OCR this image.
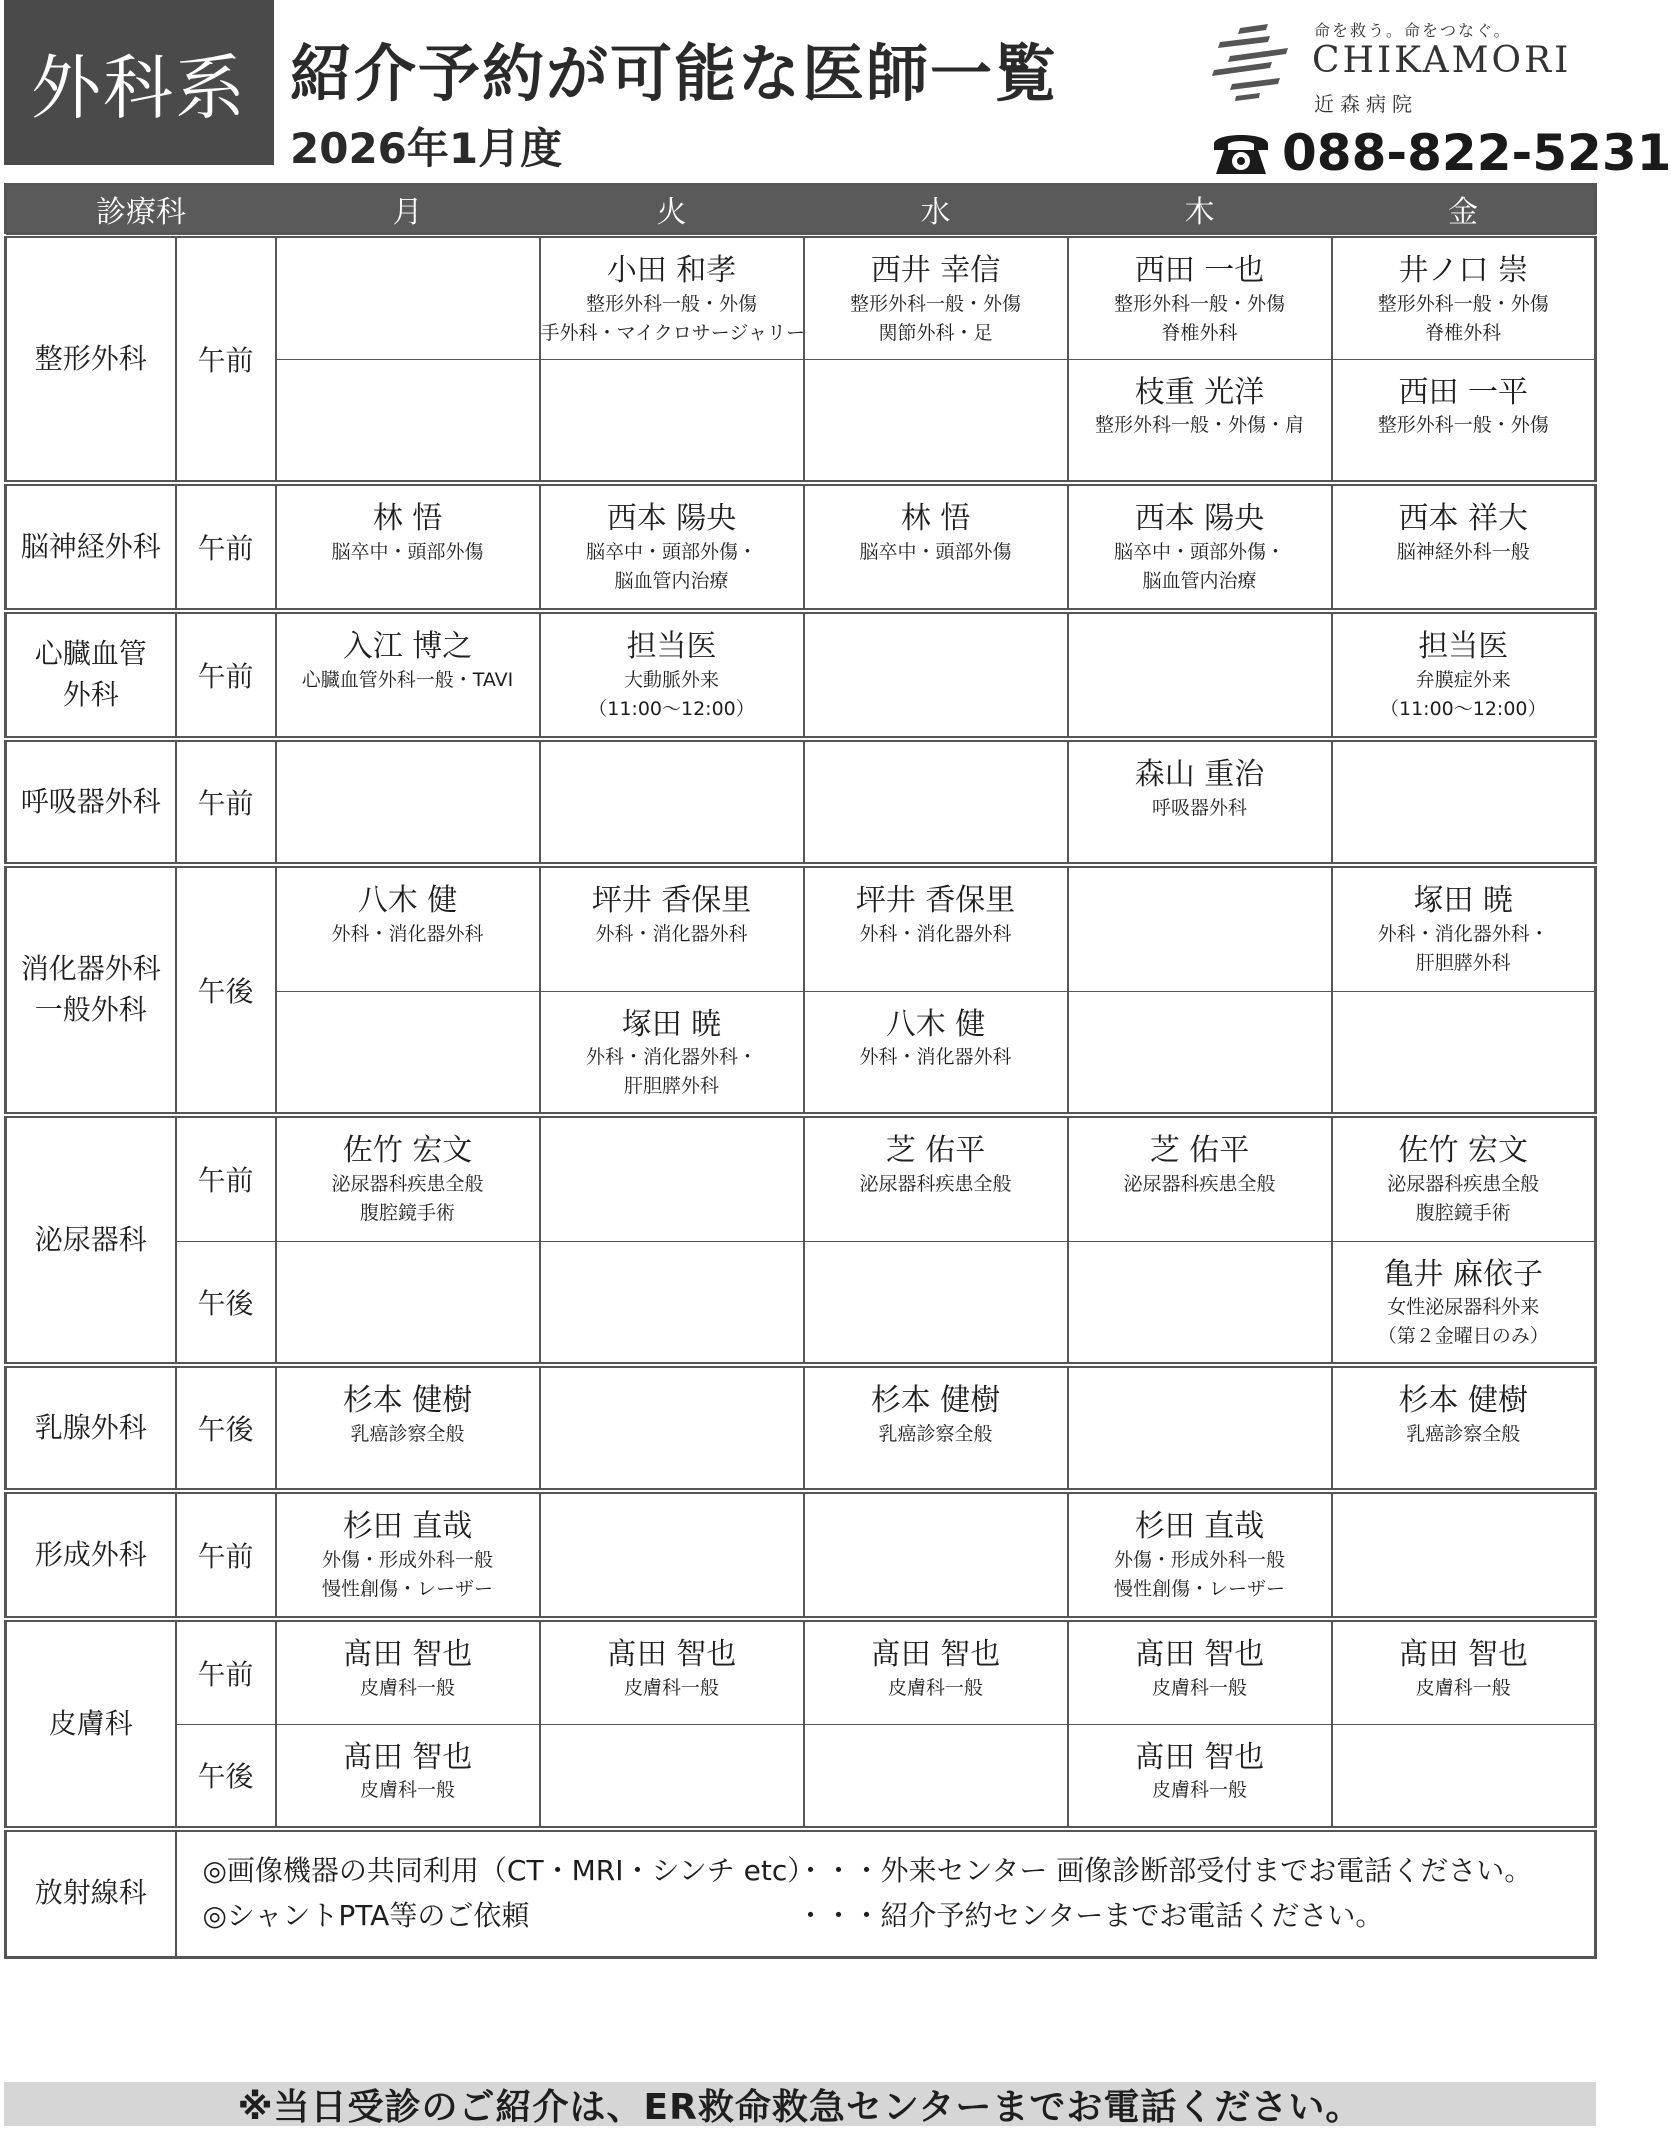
外科系 紹介予約が可能な医師一覧
2026年1月度
命を救う。命をつなぐ。
CHIKAMORI
近森病院
088-822-5231
診療科		月	火	水	木	金
整形外科	午前		小田 和孝
整形外科一般・外傷
手外科・マイクロサージャリー	西井 幸信
整形外科一般・外傷
関節外科・足	西田 一也
整形外科一般・外傷
脊椎外科	井ノ口 崇
整形外科一般・外傷
脊椎外科

					枝重 光洋
整形外科一般・外傷・肩	西田 一平
整形外科一般・外傷

脳神経外科	午前	林 悟
脳卒中・頭部外傷	西本 陽央
脳卒中・頭部外傷・
脳血管内治療	林 悟
脳卒中・頭部外傷	西本 陽央
脳卒中・頭部外傷・
脳血管内治療	西本 祥大
脳神経外科一般

心臓血管
外科	午前	入江 博之
心臓血管外科一般・TAVI	担当医
大動脈外来
（11:00～12:00）			担当医
弁膜症外来
（11:00～12:00）

呼吸器外科	午前				森山 重治
呼吸器外科	

消化器外科
一般外科	午後	八木 健
外科・消化器外科	坪井 香保里
外科・消化器外科	坪井 香保里
外科・消化器外科		塚田 暁
外科・消化器外科・
肝胆膵外科

			塚田 暁
外科・消化器外科・
肝胆膵外科	八木 健
外科・消化器外科		

泌尿器科	午前	佐竹 宏文
泌尿器科疾患全般
腹腔鏡手術		芝 佑平
泌尿器科疾患全般	芝 佑平
泌尿器科疾患全般	佐竹 宏文
泌尿器科疾患全般
腹腔鏡手術

	午後					亀井 麻依子
女性泌尿器科外来
（第２金曜日のみ）

乳腺外科	午後	杉本 健樹
乳癌診察全般		杉本 健樹
乳癌診察全般		杉本 健樹
乳癌診察全般

形成外科	午前	杉田 直哉
外傷・形成外科一般
慢性創傷・レーザー			杉田 直哉
外傷・形成外科一般
慢性創傷・レーザー	

皮膚科	午前	髙田 智也
皮膚科一般	髙田 智也
皮膚科一般	髙田 智也
皮膚科一般	髙田 智也
皮膚科一般	髙田 智也
皮膚科一般

	午後	髙田 智也
皮膚科一般			髙田 智也
皮膚科一般	

放射線科	◎画像機器の共同利用（CT・MRI・シンチ etc）
・・・外来センター 画像診断部受付までお電話ください。
◎シャントPTA等のご依頼 ・・・紹介予約センターまでお電話ください。					
※当日受診のご紹介は、ER救命救急センターまでお電話ください。
